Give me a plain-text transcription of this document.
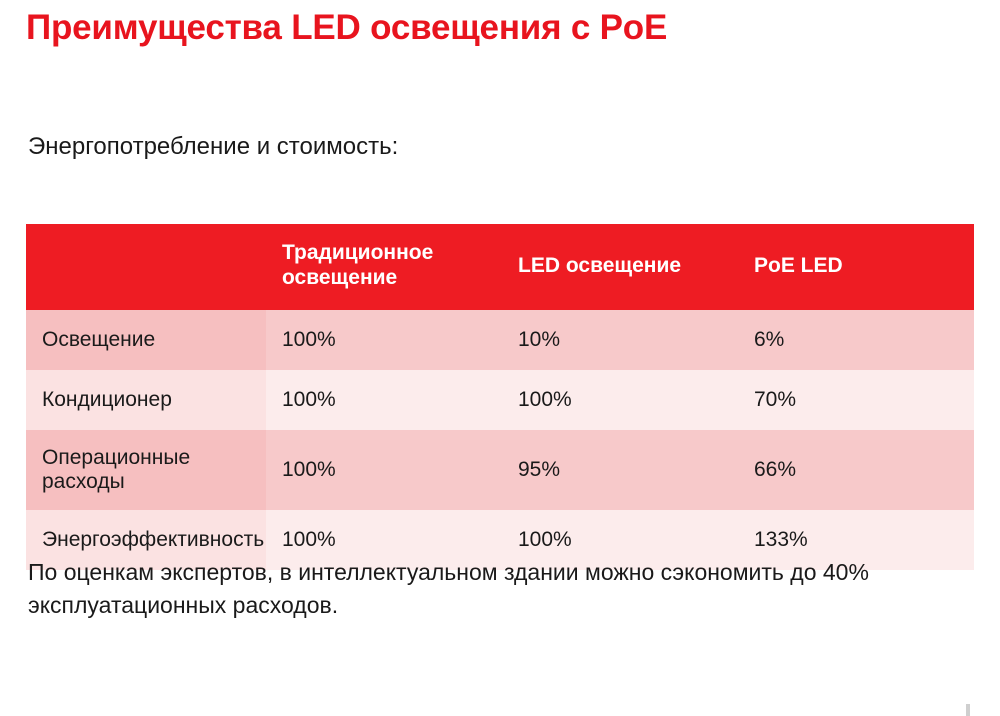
Преимущества LED освещения с PoE
Энергопотребление и стоимость:
	Традиционное освещение	LED освещение	PoE LED
Освещение	100%	10%	6%
Кондиционер	100%	100%	70%
Операционные расходы	100%	95%	66%
Энергоэффективность	100%	100%	133%
По оценкам экспертов, в интеллектуальном здании можно сэкономить до 40% эксплуатационных расходов.
